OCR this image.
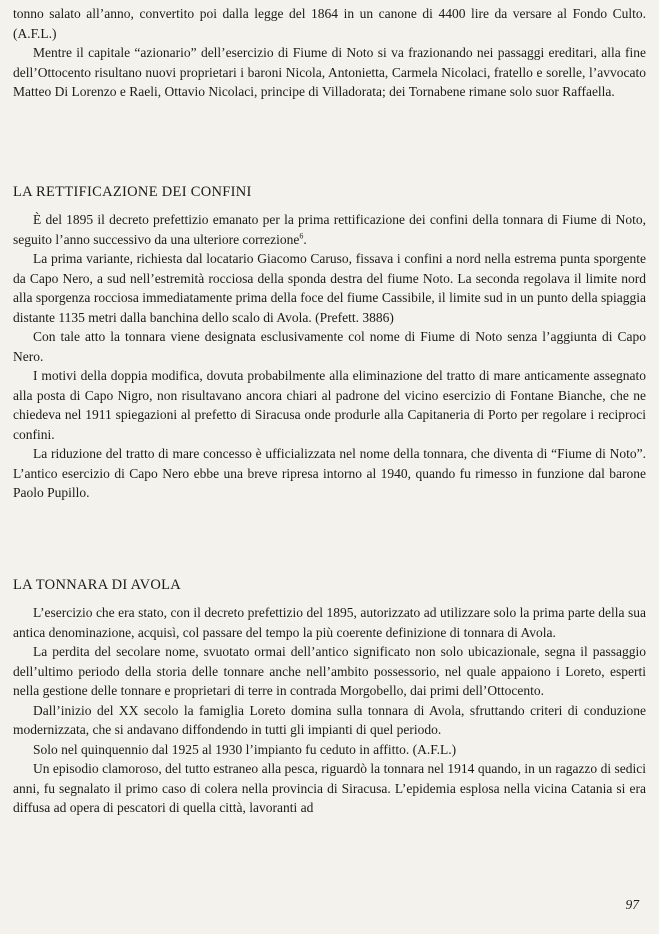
tonno salato all’anno, convertito poi dalla legge del 1864 in un canone di 4400 lire da versare al Fondo Culto. (A.F.L.)

Mentre il capitale “azionario” dell’esercizio di Fiume di Noto si va frazionando nei passaggi ereditari, alla fine dell’Ottocento risultano nuovi proprietari i baroni Nicola, Antonietta, Carmela Nicolaci, fratello e sorelle, l’avvocato Matteo Di Lorenzo e Raeli, Ottavio Nicolaci, principe di Villadorata; dei Tornabene rimane solo suor Raffaella.

LA RETTIFICAZIONE DEI CONFINI

È del 1895 il decreto prefettizio emanato per la prima rettificazione dei confini della tonnara di Fiume di Noto, seguito l’anno successivo da una ulteriore correzione$^6$.

La prima variante, richiesta dal locatario Giacomo Caruso, fissava i confini a nord nella estrema punta sporgente da Capo Nero, a sud nell’estremità rocciosa della sponda destra del fiume Noto. La seconda regolava il limite nord alla sporgenza rocciosa immediatamente prima della foce del fiume Cassibile, il limite sud in un punto della spiaggia distante 1135 metri dalla banchina dello scalo di Avola. (Prefett. 3886)

Con tale atto la tonnara viene designata esclusivamente col nome di Fiume di Noto senza l’aggiunta di Capo Nero.

I motivi della doppia modifica, dovuta probabilmente alla eliminazione del tratto di mare anticamente assegnato alla posta di Capo Nigro, non risultavano ancora chiari al padrone del vicino esercizio di Fontane Bianche, che ne chiedeva nel 1911 spiegazioni al prefetto di Siracusa onde produrle alla Capitaneria di Porto per regolare i reciproci confini.

La riduzione del tratto di mare concesso è ufficializzata nel nome della tonnara, che diventa di “Fiume di Noto”. L’antico esercizio di Capo Nero ebbe una breve ripresa intorno al 1940, quando fu rimesso in funzione dal barone Paolo Pupillo.

LA TONNARA DI AVOLA

L’esercizio che era stato, con il decreto prefettizio del 1895, autorizzato ad utilizzare solo la prima parte della sua antica denominazione, acquisì, col passare del tempo la più coerente definizione di tonnara di Avola.

La perdita del secolare nome, svuotato ormai dell’antico significato non solo ubicazionale, segna il passaggio dell’ultimo periodo della storia delle tonnare anche nell’ambito possessorio, nel quale appaiono i Loreto, esperti nella gestione delle tonnare e proprietari di terre in contrada Morgobello, dai primi dell’Ottocento.

Dall’inizio del XX secolo la famiglia Loreto domina sulla tonnara di Avola, sfruttando criteri di conduzione modernizzata, che si andavano diffondendo in tutti gli impianti di quel periodo.

Solo nel quinquennio dal 1925 al 1930 l’impianto fu ceduto in affitto. (A.F.L.)

Un episodio clamoroso, del tutto estraneo alla pesca, riguardò la tonnara nel 1914 quando, in un ragazzo di sedici anni, fu segnalato il primo caso di colera nella provincia di Siracusa. L’epidemia esplosa nella vicina Catania si era diffusa ad opera di pescatori di quella città, lavoranti ad

97
